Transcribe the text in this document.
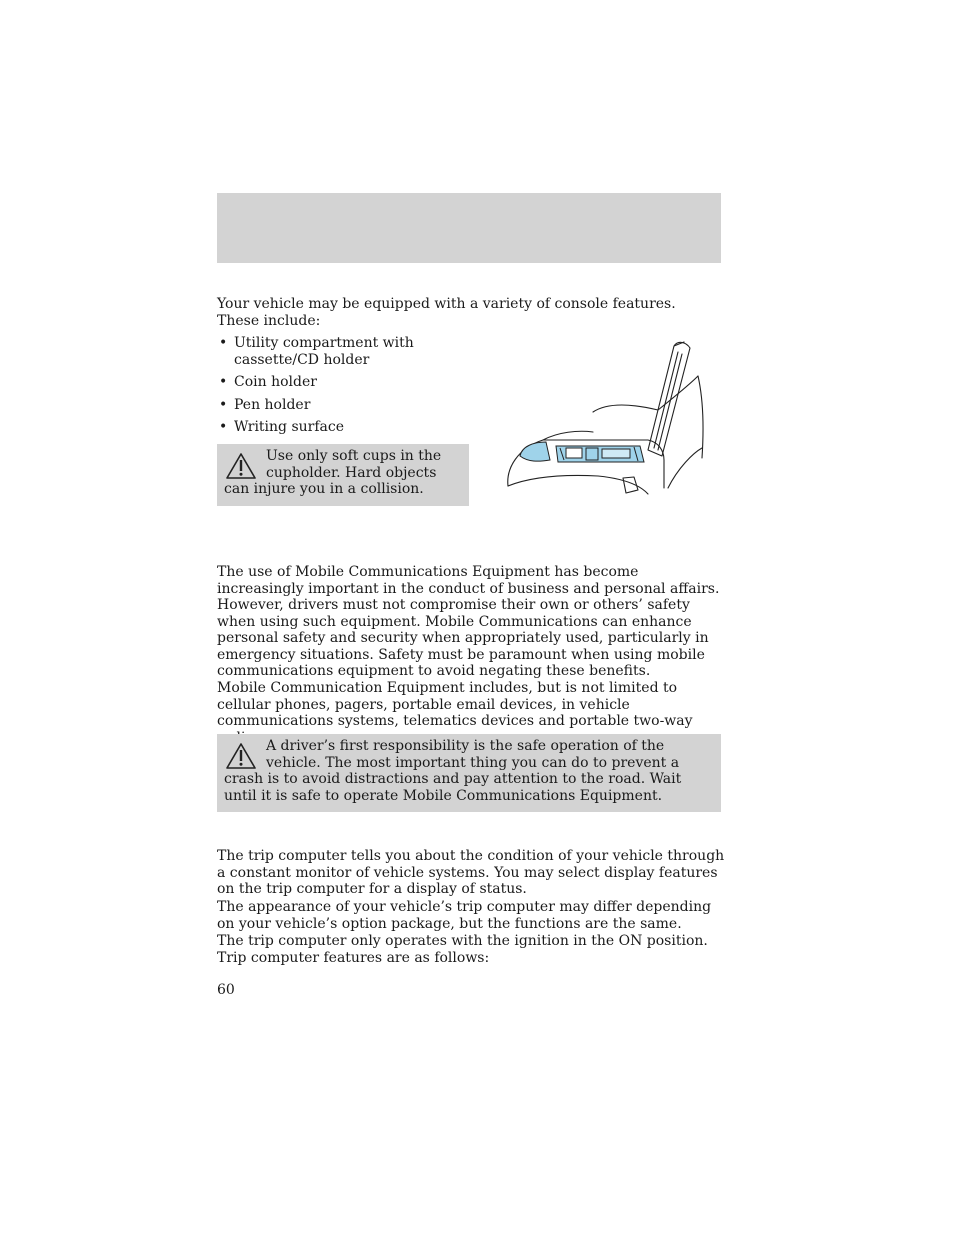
Your vehicle may be equipped with a variety of console features. These include:

• Utility compartment with cassette/CD holder
• Coin holder
• Pen holder
• Writing surface

Use only soft cups in the cupholder. Hard objects can injure you in a collision.

The use of Mobile Communications Equipment has become increasingly important in the conduct of business and personal affairs. However, drivers must not compromise their own or others’ safety when using such equipment. Mobile Communications can enhance personal safety and security when appropriately used, particularly in emergency situations. Safety must be paramount when using mobile communications equipment to avoid negating these benefits.

Mobile Communication Equipment includes, but is not limited to cellular phones, pagers, portable email devices, in vehicle communications systems, telematics devices and portable two-way

A driver’s first responsibility is the safe operation of the vehicle. The most important thing you can do to prevent a crash is to avoid distractions and pay attention to the road. Wait until it is safe to operate Mobile Communications Equipment.

The trip computer tells you about the condition of your vehicle through a constant monitor of vehicle systems. You may select display features on the trip computer for a display of status.

The appearance of your vehicle’s trip computer may differ depending on your vehicle’s option package, but the functions are the same.

The trip computer only operates with the ignition in the ON position.

Trip computer features are as follows:

60
